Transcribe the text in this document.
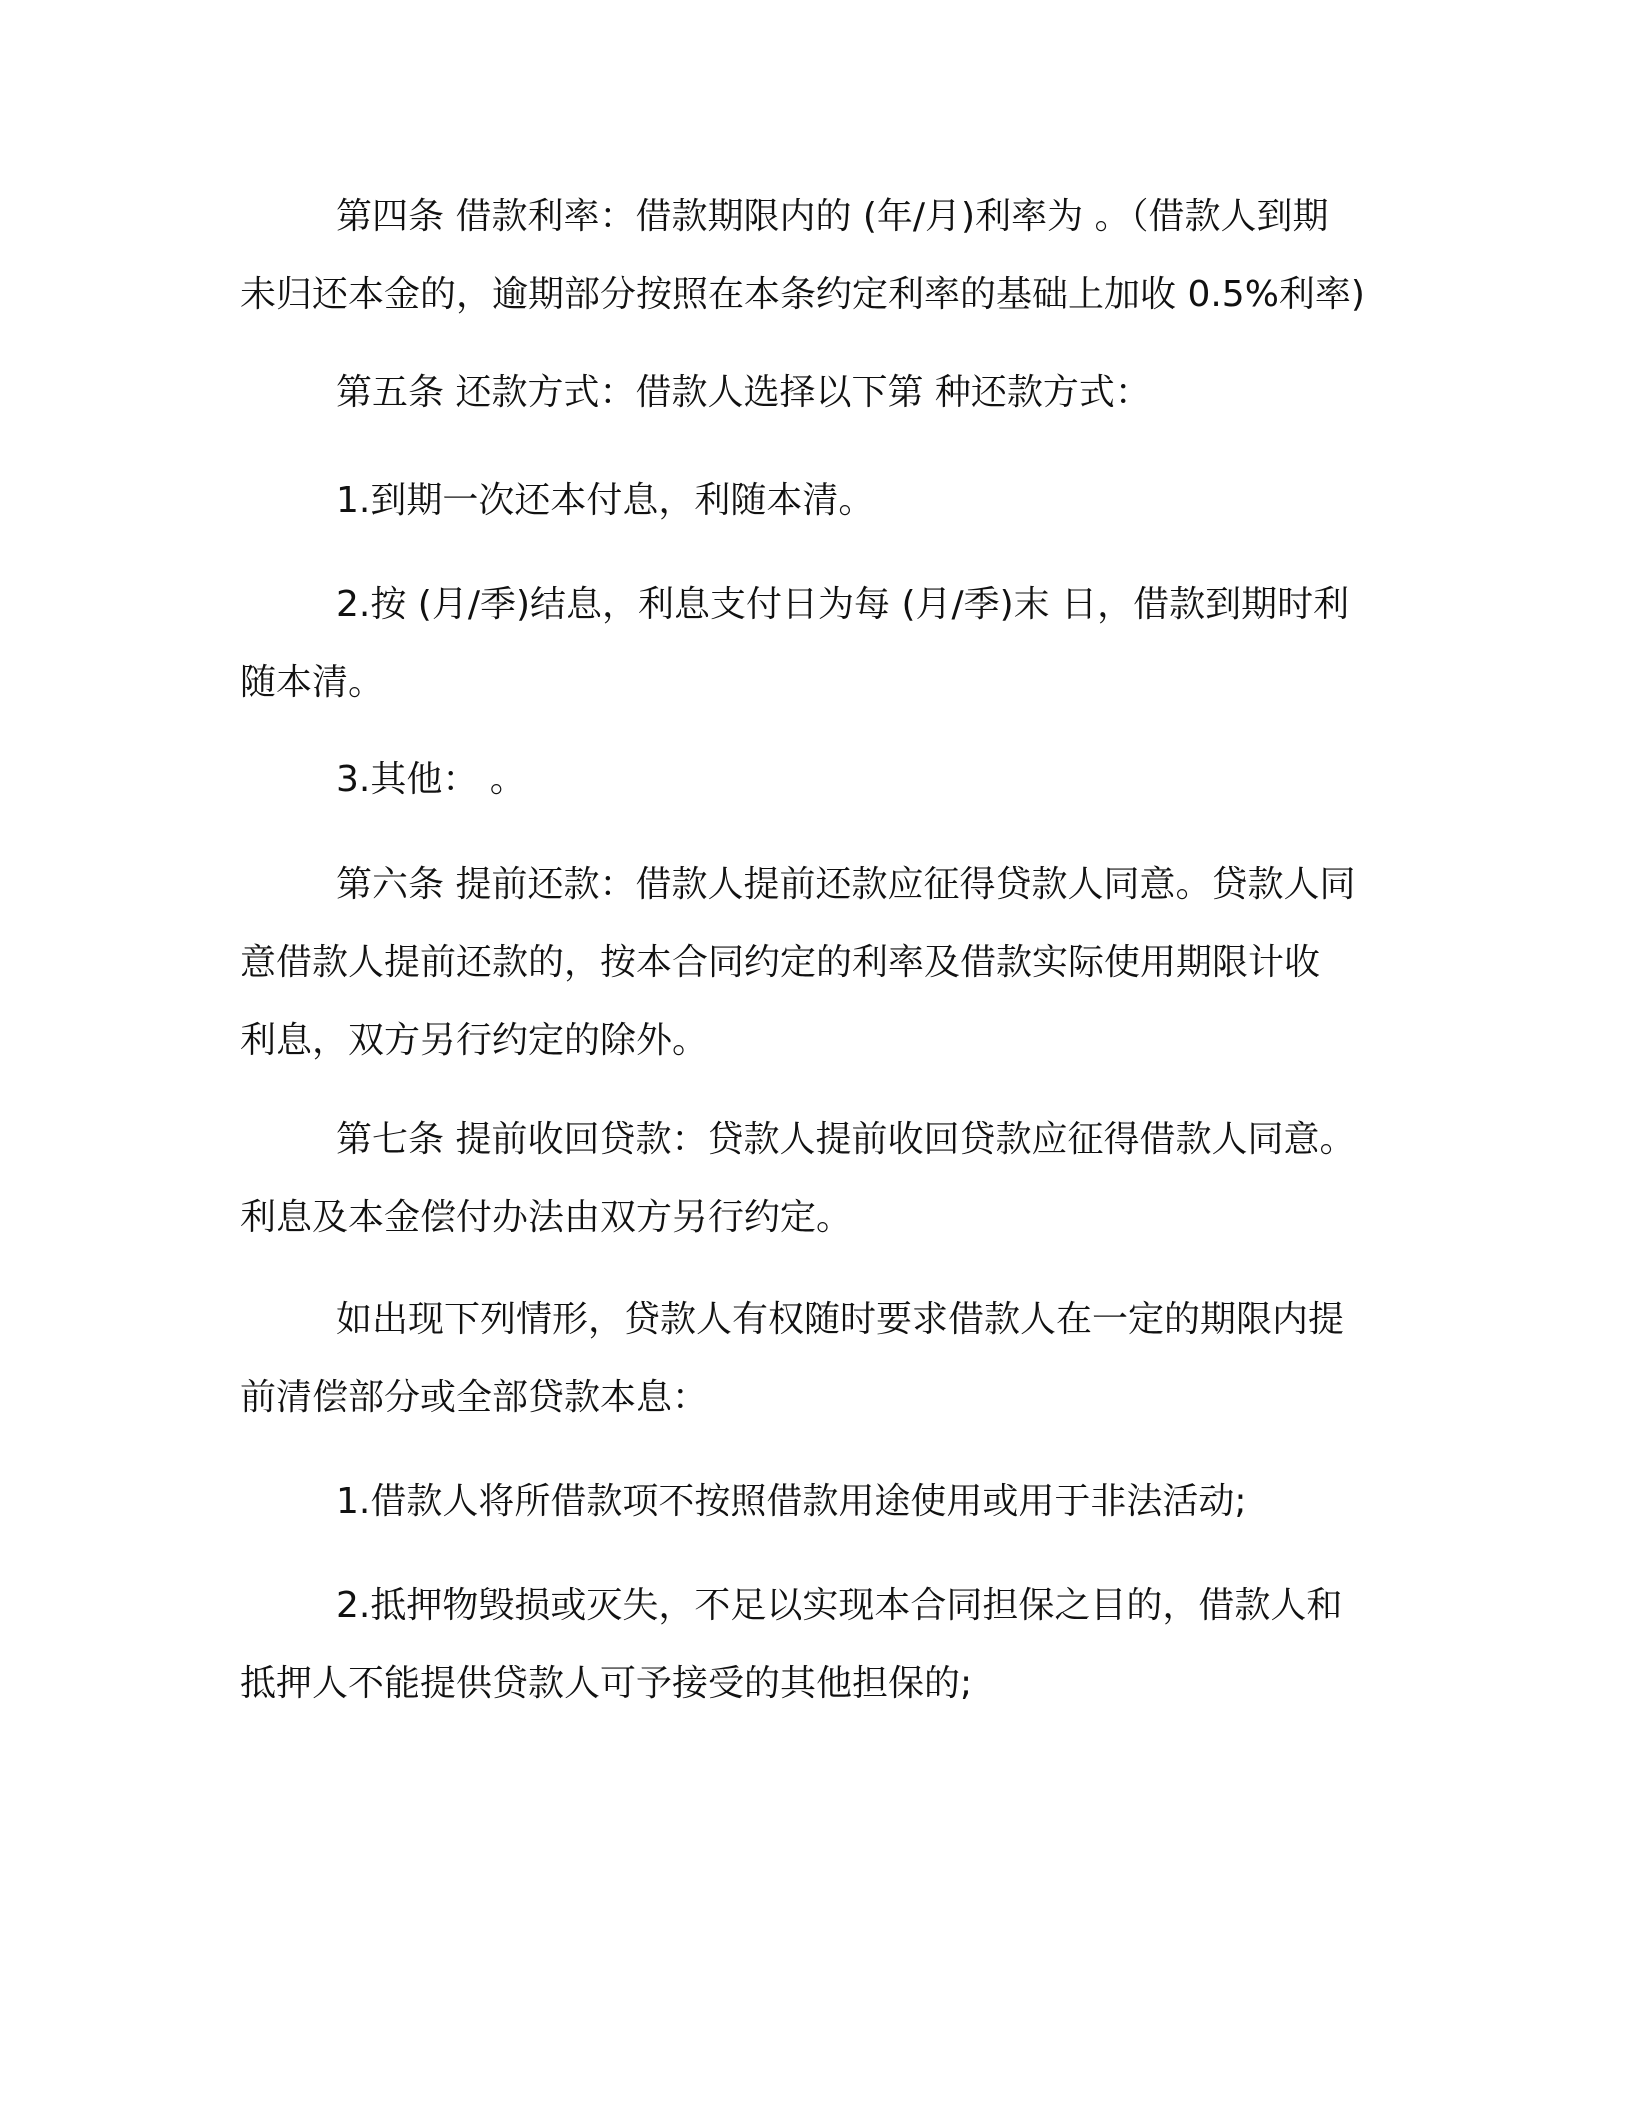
第四条 借款利率：借款期限内的 (年/月)利率为 。（借款人到期
未归还本金的，逾期部分按照在本条约定利率的基础上加收 0.5%利率)

第五条 还款方式：借款人选择以下第 种还款方式：

1.到期一次还本付息，利随本清。

2.按 (月/季)结息，利息支付日为每 (月/季)末 日，借款到期时利
随本清。

3.其他： 。

第六条 提前还款：借款人提前还款应征得贷款人同意。贷款人同
意借款人提前还款的，按本合同约定的利率及借款实际使用期限计收
利息，双方另行约定的除外。

第七条 提前收回贷款：贷款人提前收回贷款应征得借款人同意。
利息及本金偿付办法由双方另行约定。

如出现下列情形，贷款人有权随时要求借款人在一定的期限内提
前清偿部分或全部贷款本息：

1.借款人将所借款项不按照借款用途使用或用于非法活动;

2.抵押物毁损或灭失，不足以实现本合同担保之目的，借款人和
抵押人不能提供贷款人可予接受的其他担保的;
